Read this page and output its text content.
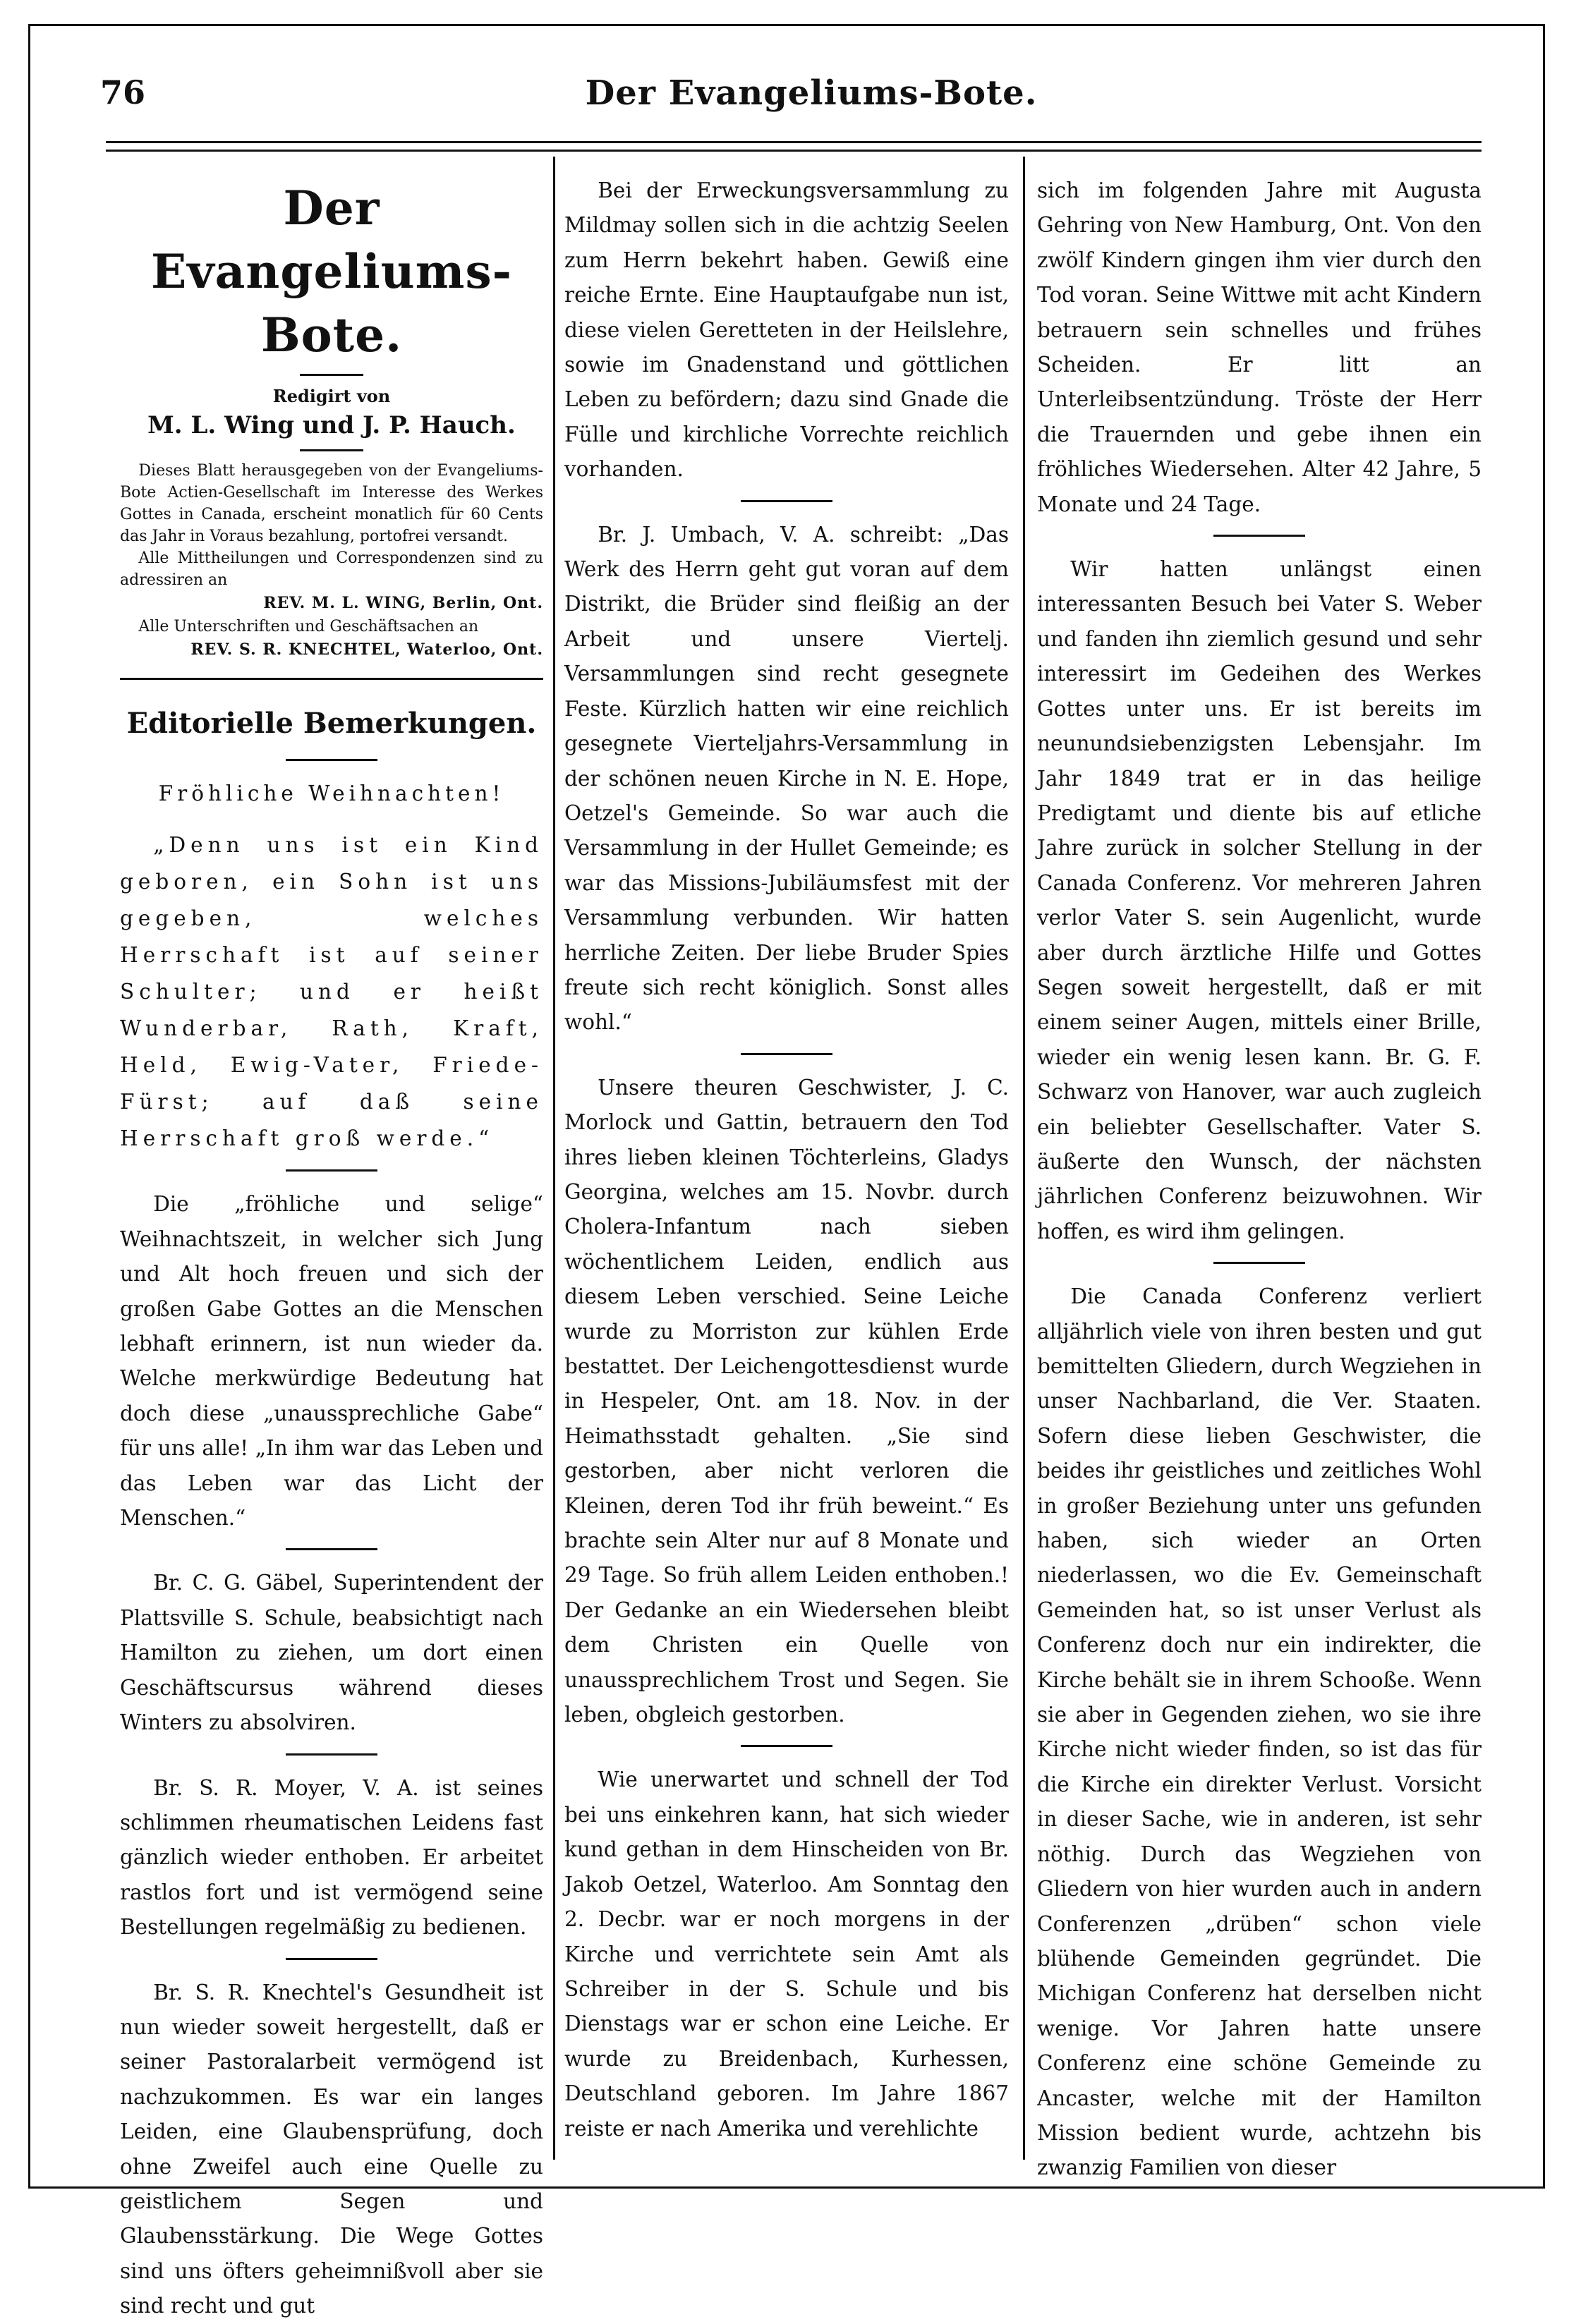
76	Der Evangeliums-Bote.
Der Evangeliums-Bote.
Redigirt von
M. L. Wing und J. P. Hauch.

Dieses Blatt herausgegeben von der Evangeliums-Bote Actien-Gesellschaft im Interesse des Werkes Gottes in Canada, erscheint monatlich für 60 Cents das Jahr in Voraus bezahlung, portofrei versandt.

Alle Mittheilungen und Correspondenzen sind zu adressiren an

REV. M. L. WING, Berlin, Ont.

Alle Unterschriften und Geschäftsachen an

REV. S. R. KNECHTEL, Waterloo, Ont.
Editorielle Bemerkungen.
Fröhliche Weihnachten!

„Denn uns ist ein Kind geboren, ein Sohn ist uns gegeben, welches Herrschaft ist auf seiner Schulter; und er heißt Wunderbar, Rath, Kraft, Held, Ewig-Vater, Friede-Fürst; auf daß seine Herrschaft groß werde.“

Die „fröhliche und selige“ Weihnachtszeit, in welcher sich Jung und Alt hoch freuen und sich der großen Gabe Gottes an die Menschen lebhaft erinnern, ist nun wieder da. Welche merkwürdige Bedeutung hat doch diese „unaussprechliche Gabe“ für uns alle! „In ihm war das Leben und das Leben war das Licht der Menschen.“

Br. C. G. Gäbel, Superintendent der Plattsville S. Schule, beabsichtigt nach Hamilton zu ziehen, um dort einen Geschäftscursus während dieses Winters zu absolviren.

Br. S. R. Moyer, V. A. ist seines schlimmen rheumatischen Leidens fast gänzlich wieder enthoben. Er arbeitet rastlos fort und ist vermögend seine Bestellungen regelmäßig zu bedienen.

Br. S. R. Knechtel's Gesundheit ist nun wieder soweit hergestellt, daß er seiner Pastoralarbeit vermögend ist nachzukommen. Es war ein langes Leiden, eine Glaubensprüfung, doch ohne Zweifel auch eine Quelle zu geistlichem Segen und Glaubensstärkung. Die Wege Gottes sind uns öfters geheimnißvoll aber sie sind recht und gut

Bei der Erweckungsversammlung zu Mildmay sollen sich in die achtzig Seelen zum Herrn bekehrt haben. Gewiß eine reiche Ernte. Eine Hauptaufgabe nun ist, diese vielen Geretteten in der Heilslehre, sowie im Gnadenstand und göttlichen Leben zu befördern; dazu sind Gnade die Fülle und kirchliche Vorrechte reichlich vorhanden.

Br. J. Umbach, V. A. schreibt: „Das Werk des Herrn geht gut voran auf dem Distrikt, die Brüder sind fleißig an der Arbeit und unsere Viertelj. Versammlungen sind recht gesegnete Feste. Kürzlich hatten wir eine reichlich gesegnete Vierteljahrs-Versammlung in der schönen neuen Kirche in N. E. Hope, Oetzel's Gemeinde. So war auch die Versammlung in der Hullet Gemeinde; es war das Missions-Jubiläumsfest mit der Versammlung verbunden. Wir hatten herrliche Zeiten. Der liebe Bruder Spies freute sich recht königlich. Sonst alles wohl.“

Unsere theuren Geschwister, J. C. Morlock und Gattin, betrauern den Tod ihres lieben kleinen Töchterleins, Gladys Georgina, welches am 15. Novbr. durch Cholera-Infantum nach sieben wöchentlichem Leiden, endlich aus diesem Leben verschied. Seine Leiche wurde zu Morriston zur kühlen Erde bestattet. Der Leichengottesdienst wurde in Hespeler, Ont. am 18. Nov. in der Heimathsstadt gehalten. „Sie sind gestorben, aber nicht verloren die Kleinen, deren Tod ihr früh beweint.“ Es brachte sein Alter nur auf 8 Monate und 29 Tage. So früh allem Leiden enthoben.! Der Gedanke an ein Wiedersehen bleibt dem Christen ein Quelle von unaussprechlichem Trost und Segen. Sie leben, obgleich gestorben.

Wie unerwartet und schnell der Tod bei uns einkehren kann, hat sich wieder kund gethan in dem Hinscheiden von Br. Jakob Oetzel, Waterloo. Am Sonntag den 2. Decbr. war er noch morgens in der Kirche und verrichtete sein Amt als Schreiber in der S. Schule und bis Dienstags war er schon eine Leiche. Er wurde zu Breidenbach, Kurhessen, Deutschland geboren. Im Jahre 1867 reiste er nach Amerika und verehlichte

sich im folgenden Jahre mit Augusta Gehring von New Hamburg, Ont. Von den zwölf Kindern gingen ihm vier durch den Tod voran. Seine Wittwe mit acht Kindern betrauern sein schnelles und frühes Scheiden. Er litt an Unterleibsentzündung. Tröste der Herr die Trauernden und gebe ihnen ein fröhliches Wiedersehen. Alter 42 Jahre, 5 Monate und 24 Tage.

Wir hatten unlängst einen interessanten Besuch bei Vater S. Weber und fanden ihn ziemlich gesund und sehr interessirt im Gedeihen des Werkes Gottes unter uns. Er ist bereits im neunundsiebenzigsten Lebensjahr. Im Jahr 1849 trat er in das heilige Predigtamt und diente bis auf etliche Jahre zurück in solcher Stellung in der Canada Conferenz. Vor mehreren Jahren verlor Vater S. sein Augenlicht, wurde aber durch ärztliche Hilfe und Gottes Segen soweit hergestellt, daß er mit einem seiner Augen, mittels einer Brille, wieder ein wenig lesen kann. Br. G. F. Schwarz von Hanover, war auch zugleich ein beliebter Gesellschafter. Vater S. äußerte den Wunsch, der nächsten jährlichen Conferenz beizuwohnen. Wir hoffen, es wird ihm gelingen.

Die Canada Conferenz verliert alljährlich viele von ihren besten und gut bemittelten Gliedern, durch Wegziehen in unser Nachbarland, die Ver. Staaten. Sofern diese lieben Geschwister, die beides ihr geistliches und zeitliches Wohl in großer Beziehung unter uns gefunden haben, sich wieder an Orten niederlassen, wo die Ev. Gemeinschaft Gemeinden hat, so ist unser Verlust als Conferenz doch nur ein indirekter, die Kirche behält sie in ihrem Schooße. Wenn sie aber in Gegenden ziehen, wo sie ihre Kirche nicht wieder finden, so ist das für die Kirche ein direkter Verlust. Vorsicht in dieser Sache, wie in anderen, ist sehr nöthig. Durch das Wegziehen von Gliedern von hier wurden auch in andern Conferenzen „drüben“ schon viele blühende Gemeinden gegründet. Die Michigan Conferenz hat derselben nicht wenige. Vor Jahren hatte unsere Conferenz eine schöne Gemeinde zu Ancaster, welche mit der Hamilton Mission bedient wurde, achtzehn bis zwanzig Familien von dieser
